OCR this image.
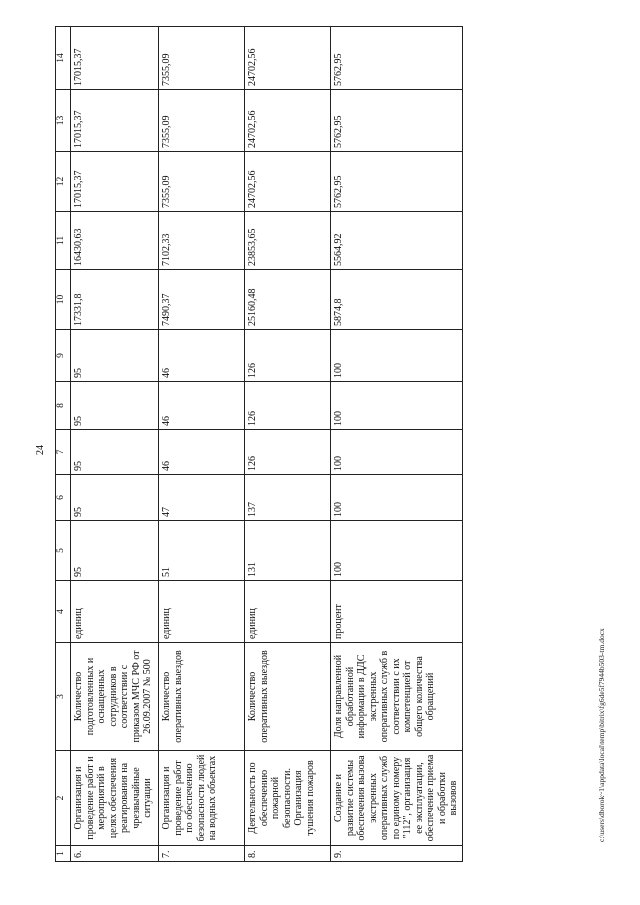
24
1	2	3	4	5	6	7	8	9	10	11	12	13	14
6.	Организация и проведение работ и мероприятий в целях обеспечения реагирования на чрезвычайные ситуации	Количество подготовленных и оснащенных сотрудников в соответствии с приказом МЧС РФ от 26.09.2007 № 500	единиц	95	95	95	95	95	17331,8	16430,63	17015,37	17015,37	17015,37
7.	Организация и проведение работ по обеспечению безопасности людей на водных объектах	Количество оперативных выездов	единиц	51	47	46	46	46	7490,37	7102,33	7355,09	7355,09	7355,09
8.	Деятельность по обеспечению пожарной безопасности. Организация тушения пожаров	Количество оперативных выездов	единиц	131	137	126	126	126	25160,48	23853,65	24702,56	24702,56	24702,56
9.	Создание и развитие системы обеспечения вызова экстренных оперативных служб по единому номеру "112", организация ее эксплуатации, обеспечение приема и обработки вызовов	Доля направленной обработанной информации в ДДС экстренных оперативных служб в соответствии с их компетенцией от общего количества обращений	процент	100	100	100	100	100	5874,8	5564,92	5762,95	5762,95	5762,95
c:\users\dborok~1\appdata\local\temp\bitrix\fg6de5f7944b503-tm.docx
